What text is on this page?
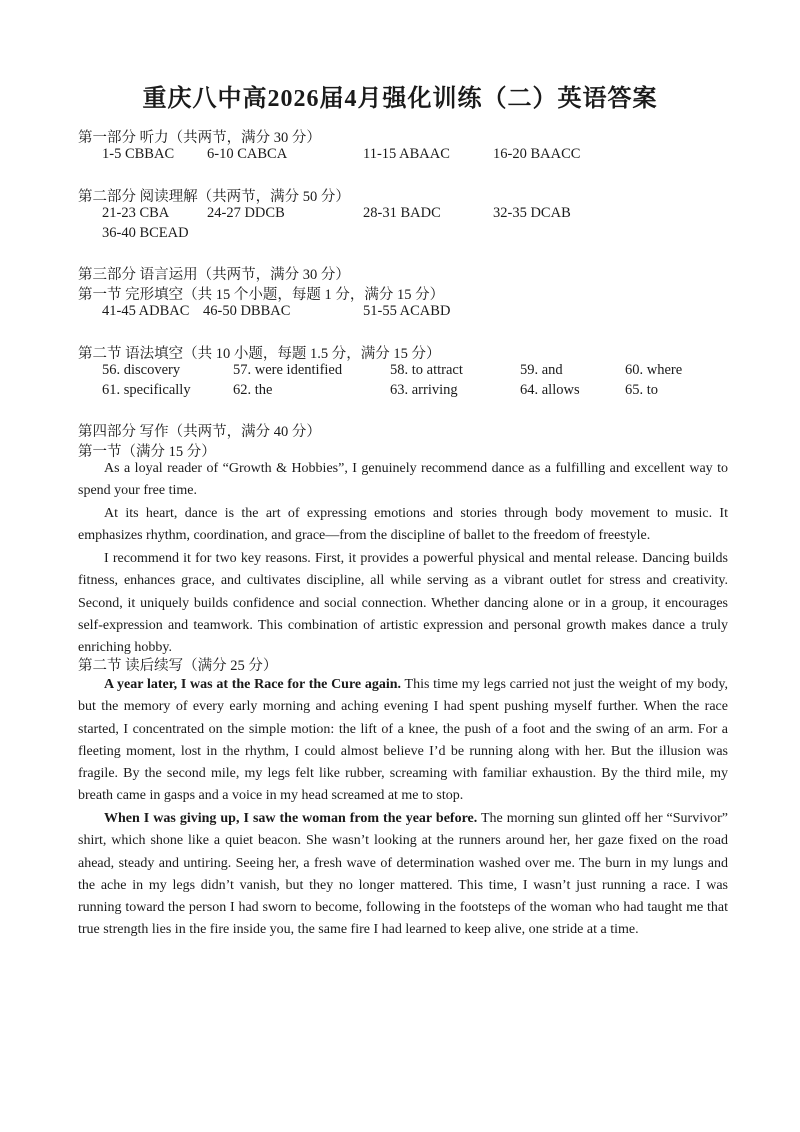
重庆八中高2026届4月强化训练（二）英语答案
第一部分 听力（共两节，满分 30 分）
1-5 CBBAC 6-10 CABCA	11-15 ABAAC	16-20 BAACC
第二部分 阅读理解（共两节，满分 50 分）
21-23 CBA	24-27 DDCB	28-31 BADC	32-35 DCAB
36-40 BCEAD
第三部分 语言运用（共两节，满分 30 分）
第一节 完形填空（共 15 个小题，每题 1 分，满分 15 分）
41-45 ADBAC 46-50 DBBAC	51-55 ACABD
第二节 语法填空（共 10 小题，每题 1.5 分，满分 15 分）
56. discovery	57. were identified	58. to attract	59. and	60. where
61. specifically	62. the	63. arriving	64. allows	65. to
第四部分 写作（共两节，满分 40 分）
第一节（满分 15 分）

As a loyal reader of “Growth & Hobbies”, I genuinely recommend dance as a fulfilling and excellent way to spend your free time.

At its heart, dance is the art of expressing emotions and stories through body movement to music. It emphasizes rhythm, coordination, and grace—from the discipline of ballet to the freedom of freestyle.

I recommend it for two key reasons. First, it provides a powerful physical and mental release. Dancing builds fitness, enhances grace, and cultivates discipline, all while serving as a vibrant outlet for stress and creativity. Second, it uniquely builds confidence and social connection. Whether dancing alone or in a group, it encourages self-expression and teamwork. This combination of artistic expression and personal growth makes dance a truly enriching hobby.

第二节 读后续写（满分 25 分）

A year later, I was at the Race for the Cure again. This time my legs carried not just the weight of my body, but the memory of every early morning and aching evening I had spent pushing myself further. When the race started, I concentrated on the simple motion: the lift of a knee, the push of a foot and the swing of an arm. For a fleeting moment, lost in the rhythm, I could almost believe I’d be running along with her. But the illusion was fragile. By the second mile, my legs felt like rubber, screaming with familiar exhaustion. By the third mile, my breath came in gasps and a voice in my head screamed at me to stop.

When I was giving up, I saw the woman from the year before. The morning sun glinted off her “Survivor” shirt, which shone like a quiet beacon. She wasn’t looking at the runners around her, her gaze fixed on the road ahead, steady and untiring. Seeing her, a fresh wave of determination washed over me. The burn in my lungs and the ache in my legs didn’t vanish, but they no longer mattered. This time, I wasn’t just running a race. I was running toward the person I had sworn to become, following in the footsteps of the woman who had taught me that true strength lies in the fire inside you, the same fire I had learned to keep alive, one stride at a time.
